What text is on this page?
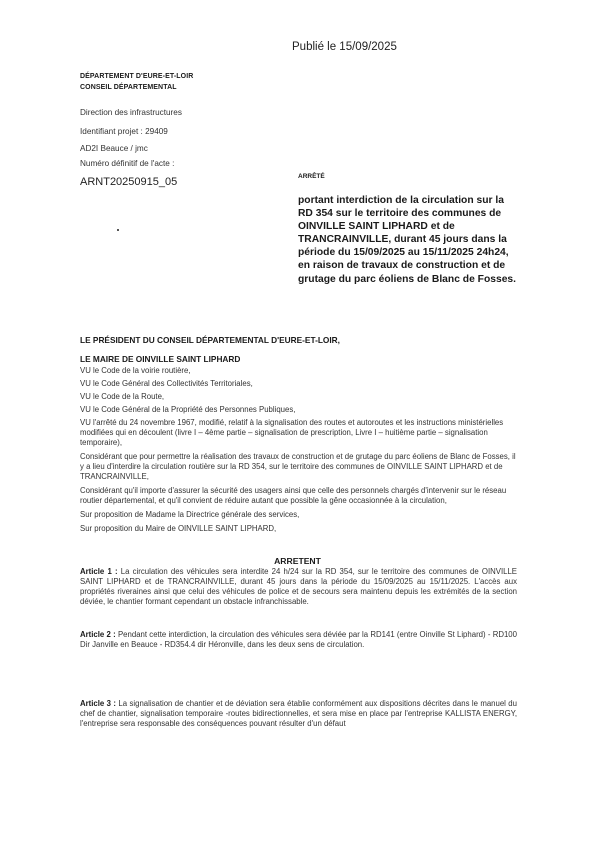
Publié le 15/09/2025
DÉPARTEMENT D'EURE-ET-LOIR
CONSEIL DÉPARTEMENTAL
Direction des infrastructures
Identifiant projet : 29409
AD2I Beauce / jmc
Numéro définitif de l'acte :
ARNT20250915_05	ARRÊTÉ
portant interdiction de la circulation sur la RD 354 sur le territoire des communes de OINVILLE SAINT LIPHARD et de TRANCRAINVILLE, durant 45 jours dans la période du 15/09/2025 au 15/11/2025 24h24, en raison de travaux de construction et de grutage du parc éoliens de Blanc de Fosses.
LE PRÉSIDENT DU CONSEIL DÉPARTEMENTAL D'EURE-ET-LOIR,
LE MAIRE DE OINVILLE SAINT LIPHARD

VU le Code de la voirie routière,

VU le Code Général des Collectivités Territoriales,

VU le Code de la Route,

VU le Code Général de la Propriété des Personnes Publiques,

VU l'arrêté du 24 novembre 1967, modifié, relatif à la signalisation des routes et autoroutes et les instructions ministérielles modifiées qui en découlent (livre I – 4ème partie – signalisation de prescription, Livre I – huitième partie – signalisation temporaire),

Considérant que pour permettre la réalisation des travaux de construction et de grutage du parc éoliens de Blanc de Fosses, il y a lieu d'interdire la circulation routière sur la RD 354, sur le territoire des communes de OINVILLE SAINT LIPHARD et de TRANCRAINVILLE,

Considérant qu'il importe d'assurer la sécurité des usagers ainsi que celle des personnels chargés d'intervenir sur le réseau routier départemental, et qu'il convient de réduire autant que possible la gêne occasionnée à la circulation,

Sur proposition de Madame la Directrice générale des services,

Sur proposition du Maire de OINVILLE SAINT LIPHARD,

ARRETENT
Article 1 : La circulation des véhicules sera interdite 24 h/24 sur la RD 354, sur le territoire des communes de OINVILLE SAINT LIPHARD et de TRANCRAINVILLE, durant 45 jours dans la période du 15/09/2025 au 15/11/2025. L'accès aux propriétés riveraines ainsi que celui des véhicules de police et de secours sera maintenu depuis les extrémités de la section déviée, le chantier formant cependant un obstacle infranchissable.
Article 2 : Pendant cette interdiction, la circulation des véhicules sera déviée par la RD141 (entre Oinville St Liphard) - RD100 Dir Janville en Beauce - RD354.4 dir Héronville, dans les deux sens de circulation.
Article 3 : La signalisation de chantier et de déviation sera établie conformément aux dispositions décrites dans le manuel du chef de chantier, signalisation temporaire -routes bidirectionnelles, et sera mise en place par l'entreprise KALLISTA ENERGY, l'entreprise sera responsable des conséquences pouvant résulter d'un défaut
